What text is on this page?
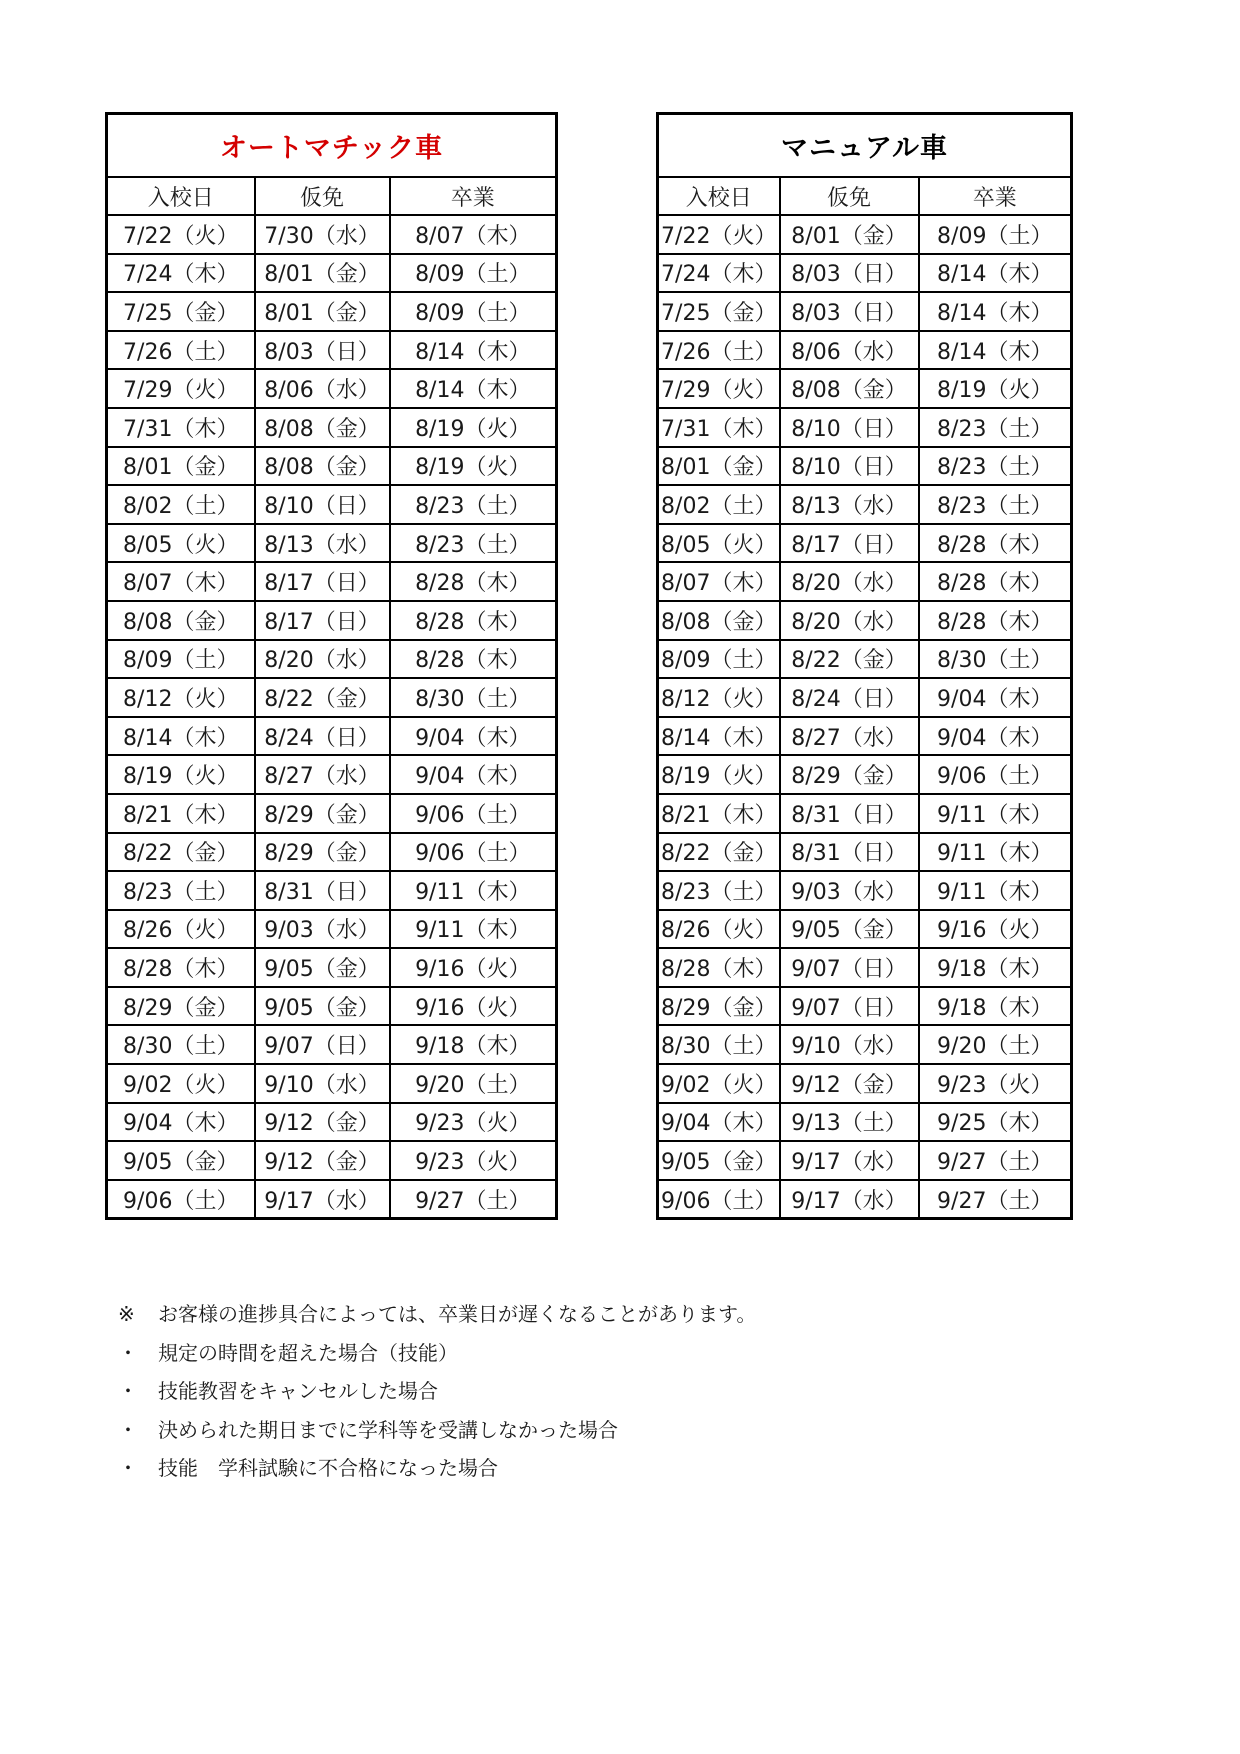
オートマチック車		
入校日	仮免	卒業
7/22（火）	7/30（水）	8/07（木）
7/24（木）	8/01（金）	8/09（土）
7/25（金）	8/01（金）	8/09（土）
7/26（土）	8/03（日）	8/14（木）
7/29（火）	8/06（水）	8/14（木）
7/31（木）	8/08（金）	8/19（火）
8/01（金）	8/08（金）	8/19（火）
8/02（土）	8/10（日）	8/23（土）
8/05（火）	8/13（水）	8/23（土）
8/07（木）	8/17（日）	8/28（木）
8/08（金）	8/17（日）	8/28（木）
8/09（土）	8/20（水）	8/28（木）
8/12（火）	8/22（金）	8/30（土）
8/14（木）	8/24（日）	9/04（木）
8/19（火）	8/27（水）	9/04（木）
8/21（木）	8/29（金）	9/06（土）
8/22（金）	8/29（金）	9/06（土）
8/23（土）	8/31（日）	9/11（木）
8/26（火）	9/03（水）	9/11（木）
8/28（木）	9/05（金）	9/16（火）
8/29（金）	9/05（金）	9/16（火）
8/30（土）	9/07（日）	9/18（木）
9/02（火）	9/10（水）	9/20（土）
9/04（木）	9/12（金）	9/23（火）
9/05（金）	9/12（金）	9/23（火）
9/06（土）	9/17（水）	9/27（土）
マニュアル車		
入校日	仮免	卒業
7/22（火）	8/01（金）	8/09（土）
7/24（木）	8/03（日）	8/14（木）
7/25（金）	8/03（日）	8/14（木）
7/26（土）	8/06（水）	8/14（木）
7/29（火）	8/08（金）	8/19（火）
7/31（木）	8/10（日）	8/23（土）
8/01（金）	8/10（日）	8/23（土）
8/02（土）	8/13（水）	8/23（土）
8/05（火）	8/17（日）	8/28（木）
8/07（木）	8/20（水）	8/28（木）
8/08（金）	8/20（水）	8/28（木）
8/09（土）	8/22（金）	8/30（土）
8/12（火）	8/24（日）	9/04（木）
8/14（木）	8/27（水）	9/04（木）
8/19（火）	8/29（金）	9/06（土）
8/21（木）	8/31（日）	9/11（木）
8/22（金）	8/31（日）	9/11（木）
8/23（土）	9/03（水）	9/11（木）
8/26（火）	9/05（金）	9/16（火）
8/28（木）	9/07（日）	9/18（木）
8/29（金）	9/07（日）	9/18（木）
8/30（土）	9/10（水）	9/20（土）
9/02（火）	9/12（金）	9/23（火）
9/04（木）	9/13（土）	9/25（木）
9/05（金）	9/17（水）	9/27（土）
9/06（土）	9/17（水）	9/27（土）
※	お客様の進捗具合によっては、卒業日が遅くなることがあります。
・	規定の時間を超えた場合（技能）
・	技能教習をキャンセルした場合
・	決められた期日までに学科等を受講しなかった場合
・	技能　学科試験に不合格になった場合
